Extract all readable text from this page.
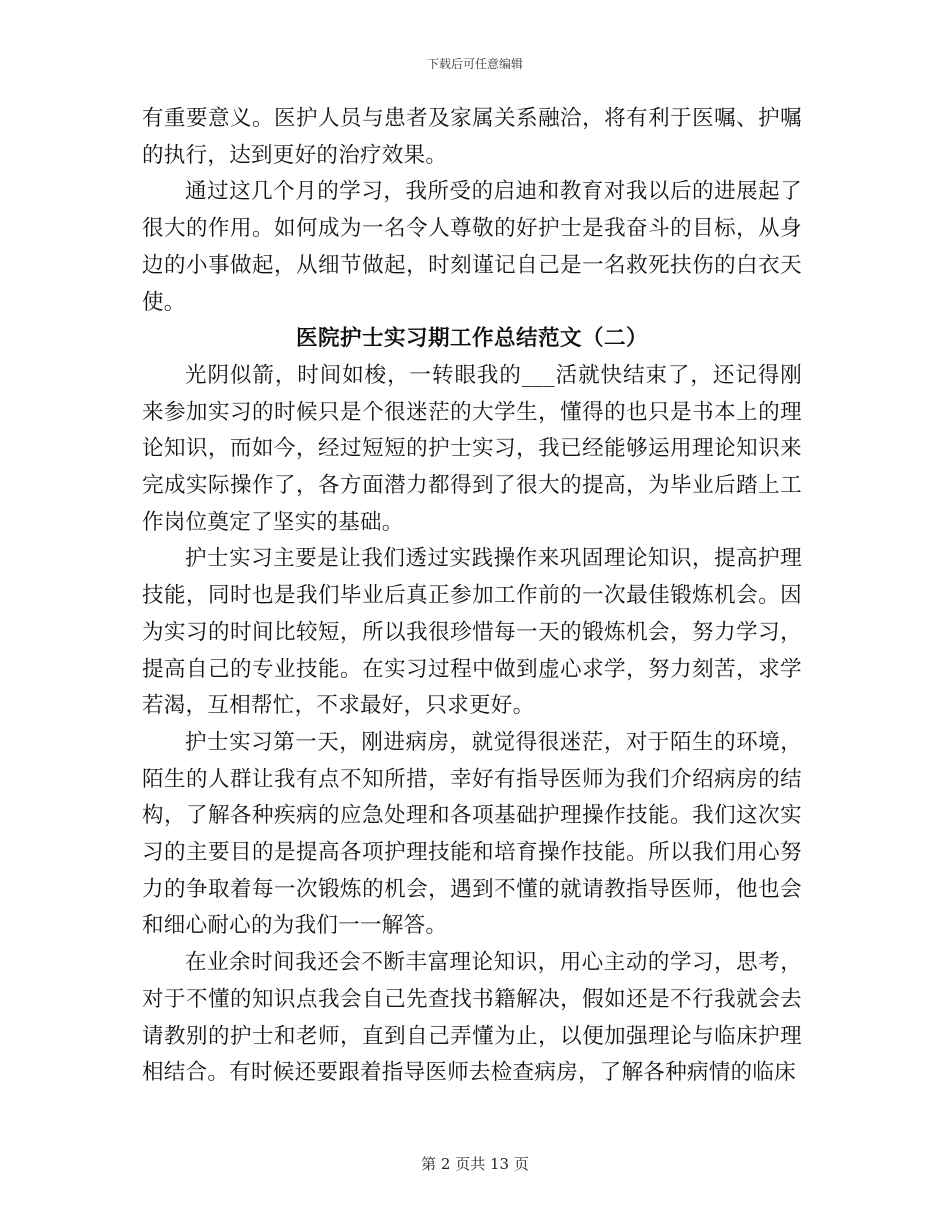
下载后可任意编辑

有重要意义。医护人员与患者及家属关系融洽，将有利于医嘱、护嘱的执行，达到更好的治疗效果。

通过这几个月的学习，我所受的启迪和教育对我以后的进展起了很大的作用。如何成为一名令人尊敬的好护士是我奋斗的目标，从身边的小事做起，从细节做起，时刻谨记自己是一名救死扶伤的白衣天使。

医院护士实习期工作总结范文（二）

光阴似箭，时间如梭，一转眼我的___活就快结束了，还记得刚来参加实习的时候只是个很迷茫的大学生，懂得的也只是书本上的理论知识，而如今，经过短短的护士实习，我已经能够运用理论知识来完成实际操作了，各方面潜力都得到了很大的提高，为毕业后踏上工作岗位奠定了坚实的基础。

护士实习主要是让我们透过实践操作来巩固理论知识，提高护理技能，同时也是我们毕业后真正参加工作前的一次最佳锻炼机会。因为实习的时间比较短，所以我很珍惜每一天的锻炼机会，努力学习，提高自己的专业技能。在实习过程中做到虚心求学，努力刻苦，求学若渴，互相帮忙，不求最好，只求更好。

护士实习第一天，刚进病房，就觉得很迷茫，对于陌生的环境，陌生的人群让我有点不知所措，幸好有指导医师为我们介绍病房的结构，了解各种疾病的应急处理和各项基础护理操作技能。我们这次实习的主要目的是提高各项护理技能和培育操作技能。所以我们用心努力的争取着每一次锻炼的机会，遇到不懂的就请教指导医师，他也会和细心耐心的为我们一一解答。

在业余时间我还会不断丰富理论知识，用心主动的学习，思考，对于不懂的知识点我会自己先查找书籍解决，假如还是不行我就会去请教别的护士和老师，直到自己弄懂为止，以便加强理论与临床护理相结合。有时候还要跟着指导医师去检查病房，了解各种病情的临床

第 2 页共 13 页
